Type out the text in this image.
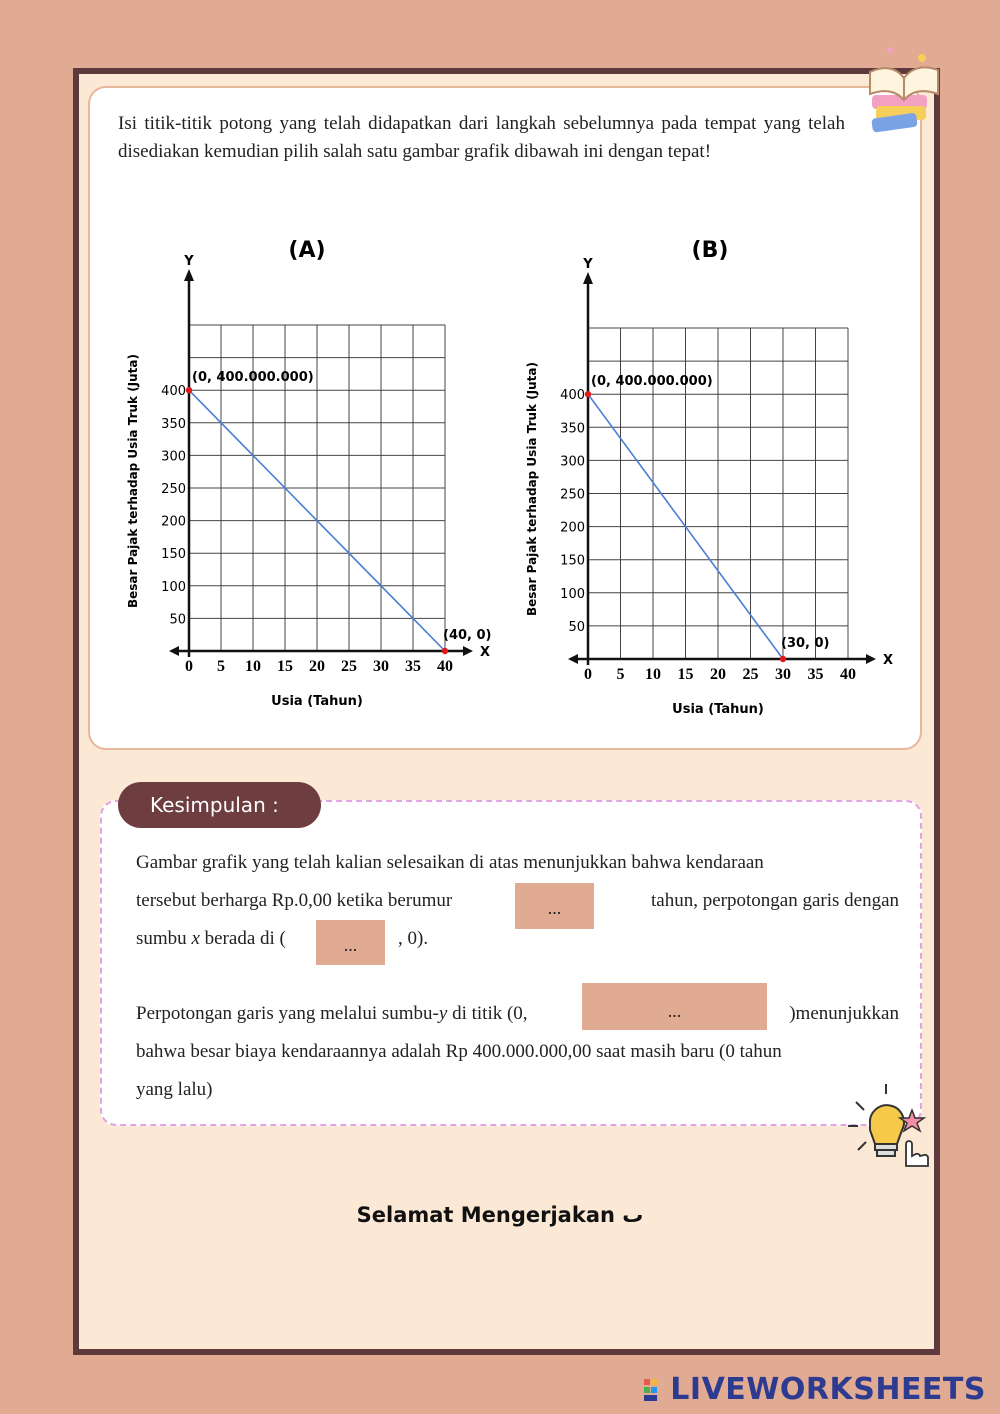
Isi titik-titik potong yang telah didapatkan dari langkah sebelumnya pada tempat yang telah disediakan kemudian pilih salah satu gambar grafik dibawah ini dengan tepat!
Y
X
(A)
0 5 10 15 20 25 30 35 40
50
100
150
200
250
300
350
400
Usia (Tahun)
Besar Pajak terhadap Usia Truk (Juta)	(0, 400.000.000)
(40, 0)
Y
X
(B)
0 5 10 15 20 25 30 35 40
50
100
150
200
250
300
350
400
Usia (Tahun)
Besar Pajak terhadap Usia Truk (Juta)	(0, 400.000.000)
(30, 0)
Kesimpulan :
Gambar grafik yang telah kalian selesaikan di atas menunjukkan bahwa kendaraan
tersebut berharga Rp.0,00 ketika berumur	...	tahun, perpotongan garis dengan
sumbu x berada di (	...	, 0).
Perpotongan garis yang melalui sumbu-y di titik (0,	...	)menunjukkan
bahwa besar biaya kendaraannya adalah Rp 400.000.000,00 saat masih baru (0 tahun
yang lalu)
Selamat Mengerjakan ٮ
LIVEWORKSHEETS
